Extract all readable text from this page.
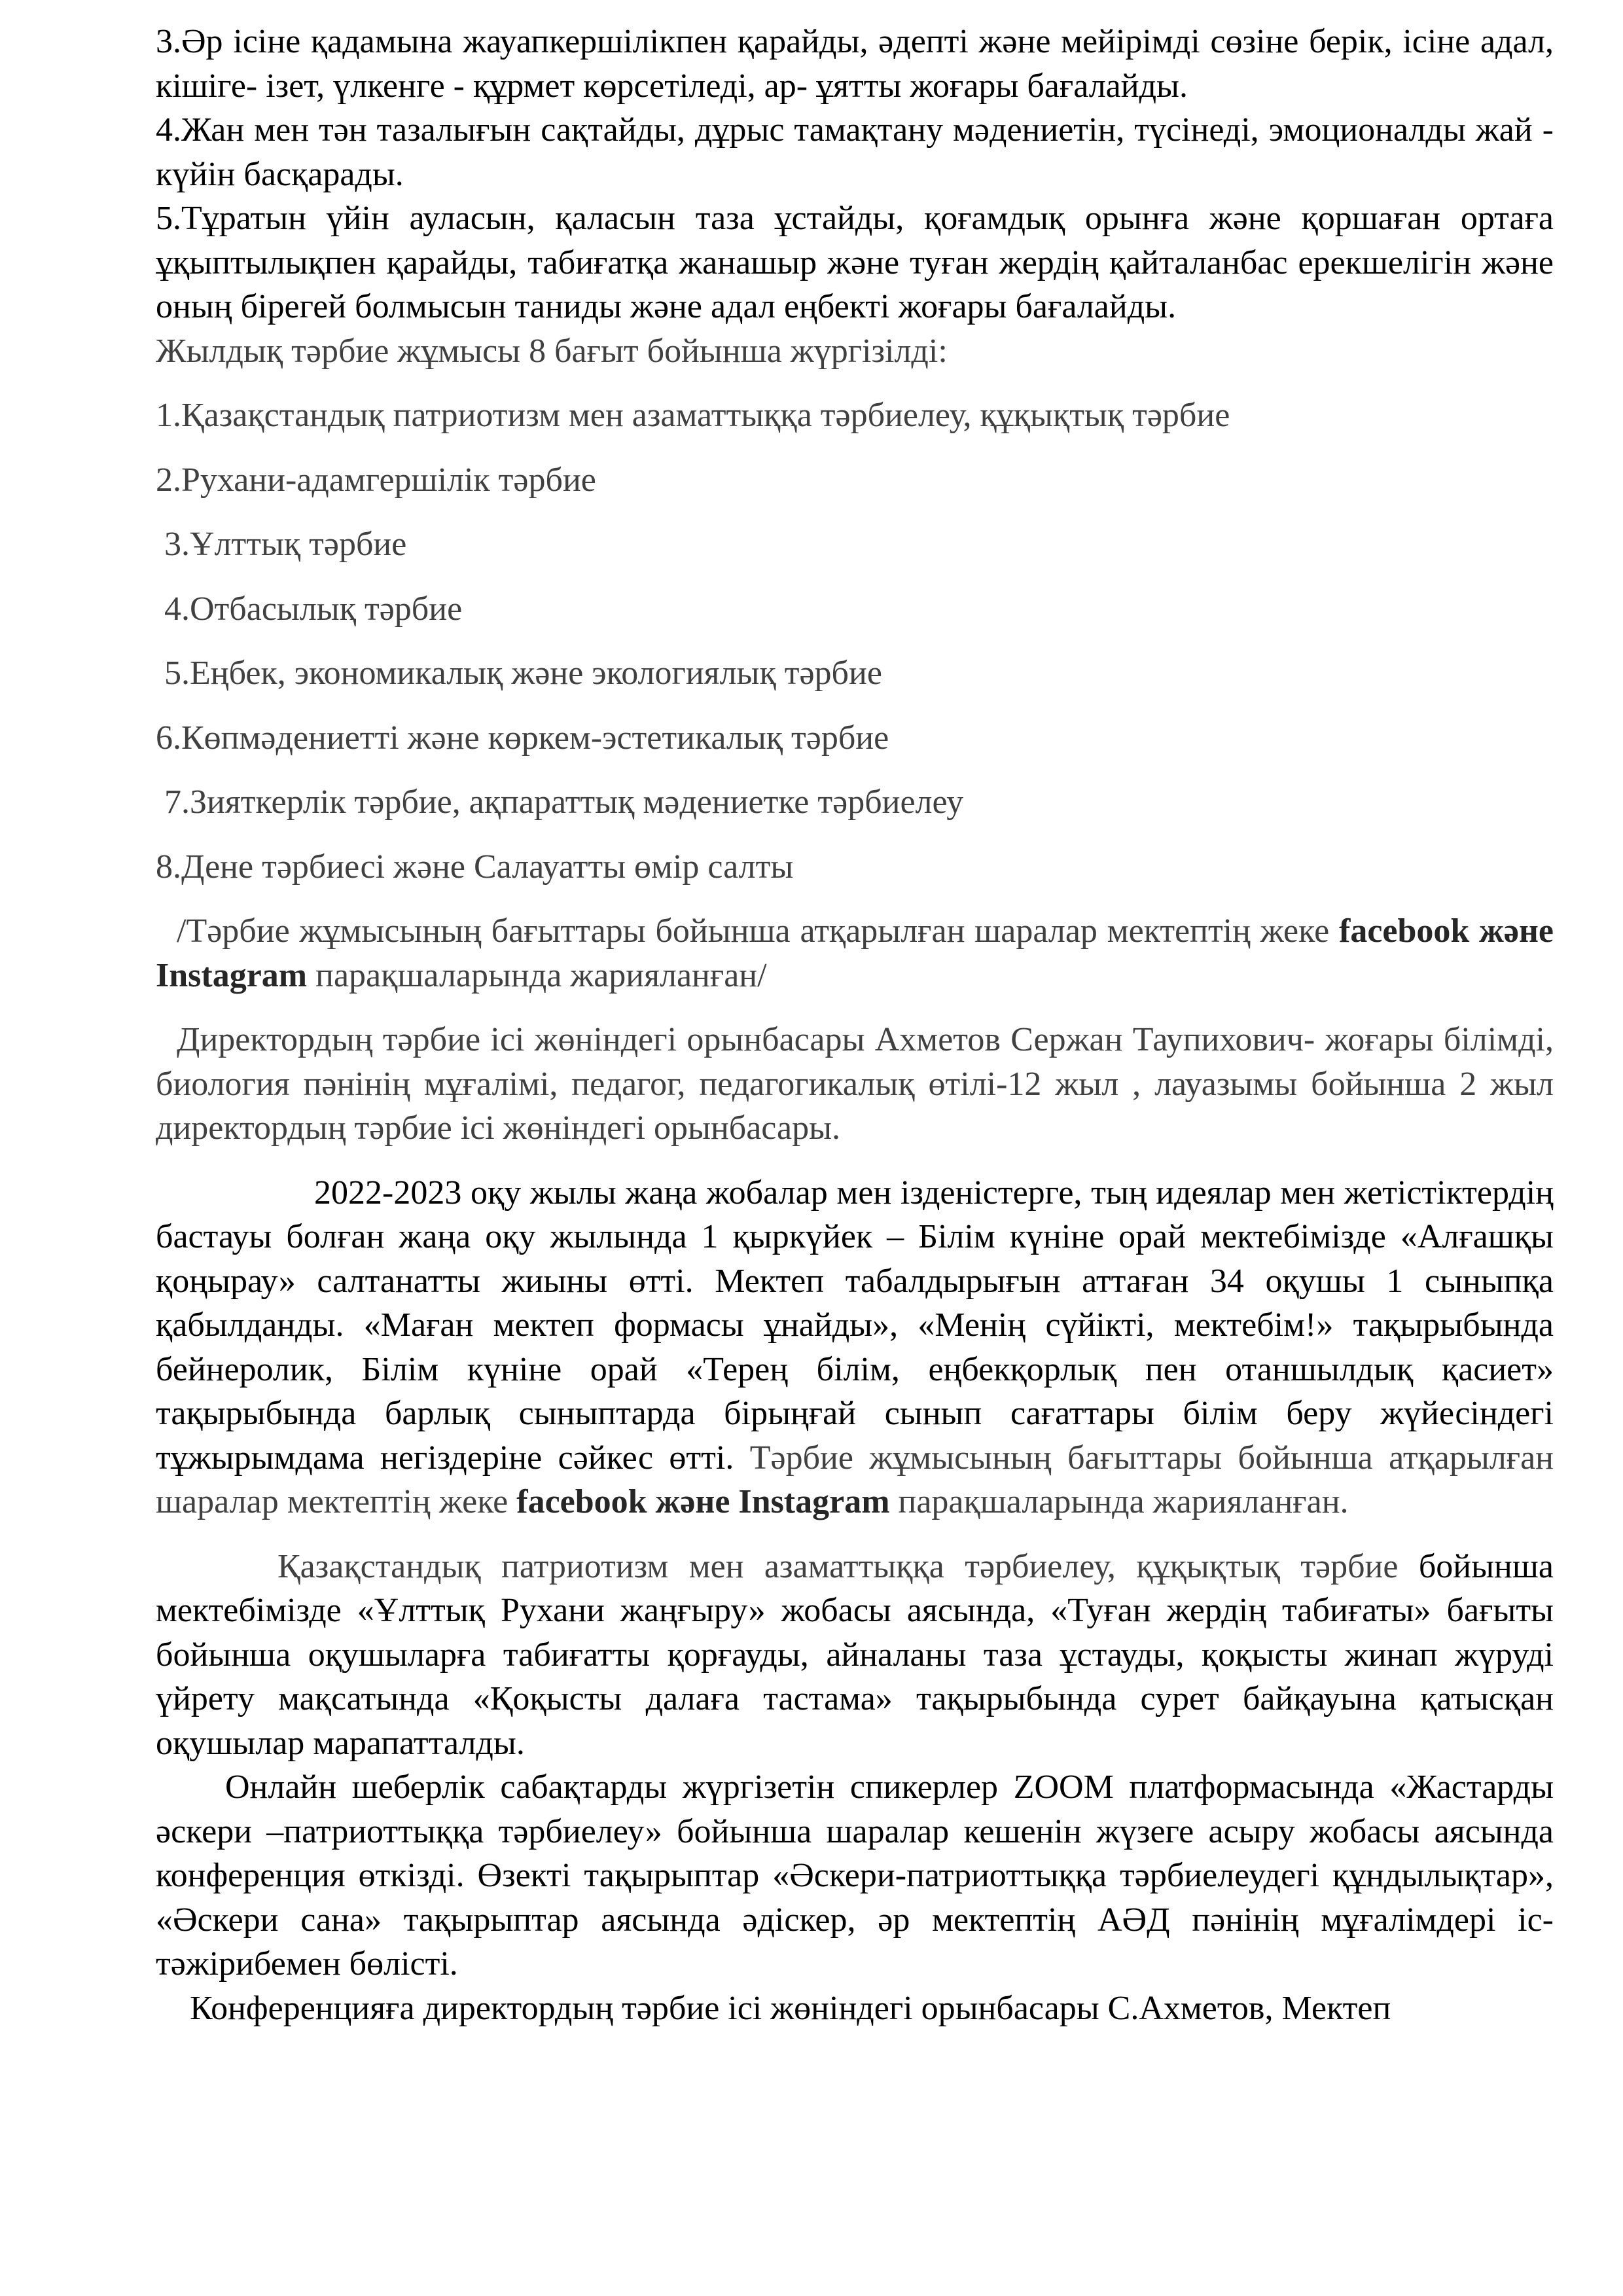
3.Әр ісіне қадамына жауапкершілікпен қарайды, әдепті және мейірімді сөзіне берік, ісіне адал, кішіге- ізет, үлкенге - құрмет көрсетіледі, ар- ұятты жоғары бағалайды.

4.Жан мен тән тазалығын сақтайды, дұрыс тамақтану мәдениетін, түсінеді, эмоционалды жай - күйін басқарады.

5.Тұратын үйін ауласын, қаласын таза ұстайды, қоғамдық орынға және қоршаған ортаға ұқыптылықпен қарайды, табиғатқа жанашыр және туған жердің қайталанбас ерекшелігін және оның бірегей болмысын таниды және адал еңбекті жоғары бағалайды.

Жылдық тәрбие жұмысы 8 бағыт бойынша жүргізілді:

1.Қазақстандық патриотизм мен азаматтыққа тәрбиелеу, құқықтық тәрбие

2.Рухани-адамгершілік тәрбие

3.Ұлттық тәрбие

4.Отбасылық тәрбие

5.Еңбек, экономикалық және экологиялық тәрбие

6.Көпмәдениетті және көркем-эстетикалық тәрбие

7.Зияткерлік тәрбие, ақпараттық мәдениетке тәрбиелеу

8.Дене тәрбиесі және Салауатты өмір салты

/Тәрбие жұмысының бағыттары бойынша атқарылған шаралар мектептің жеке facebook және Instagram парақшаларында жарияланған/

Директордың тәрбие ісі жөніндегі орынбасары Ахметов Сержан Таупихович- жоғары білімді, биология пәнінің мұғалімі, педагог, педагогикалық өтілі-12 жыл , лауазымы бойынша 2 жыл директордың тәрбие ісі жөніндегі орынбасары.

2022-2023 оқу жылы жаңа жобалар мен ізденістерге, тың идеялар мен жетістіктердің бастауы болған жаңа оқу жылында 1 қыркүйек – Білім күніне орай мектебімізде «Алғашқы қоңырау» салтанатты жиыны өтті. Мектеп табалдырығын аттаған 34 оқушы 1 сыныпқа қабылданды. «Маған мектеп формасы ұнайды», «Менің сүйікті, мектебім!» тақырыбында бейнеролик, Білім күніне орай «Терең білім, еңбекқорлық пен отаншылдық қасиет» тақырыбында барлық сыныптарда бірыңғай сынып сағаттары білім беру жүйесіндегі тұжырымдама негіздеріне сәйкес өтті. Тәрбие жұмысының бағыттары бойынша атқарылған шаралар мектептің жеке facebook және Instagram парақшаларында жарияланған.

Қазақстандық патриотизм мен азаматтыққа тәрбиелеу, құқықтық тәрбие бойынша мектебімізде «Ұлттық Рухани жаңғыру» жобасы аясында, «Туған жердің табиғаты» бағыты бойынша оқушыларға табиғатты қорғауды, айналаны таза ұстауды, қоқысты жинап жүруді үйрету мақсатында «Қоқысты далаға тастама» тақырыбында сурет байқауына қатысқан оқушылар марапатталды.

Онлайн шеберлік сабақтарды жүргізетін спикерлер ZOOM платформасында «Жастарды әскери –патриоттыққа тәрбиелеу» бойынша шаралар кешенін жүзеге асыру жобасы аясында конференция өткізді. Өзекті тақырыптар «Әскери-патриоттыққа тәрбиелеудегі құндылықтар», «Әскери сана» тақырыптар аясында әдіскер, әр мектептің АӘД пәнінің мұғалімдері іс-тәжірибемен бөлісті.

Конференцияға директордың тәрбие ісі жөніндегі орынбасары С.Ахметов, Мектеп
